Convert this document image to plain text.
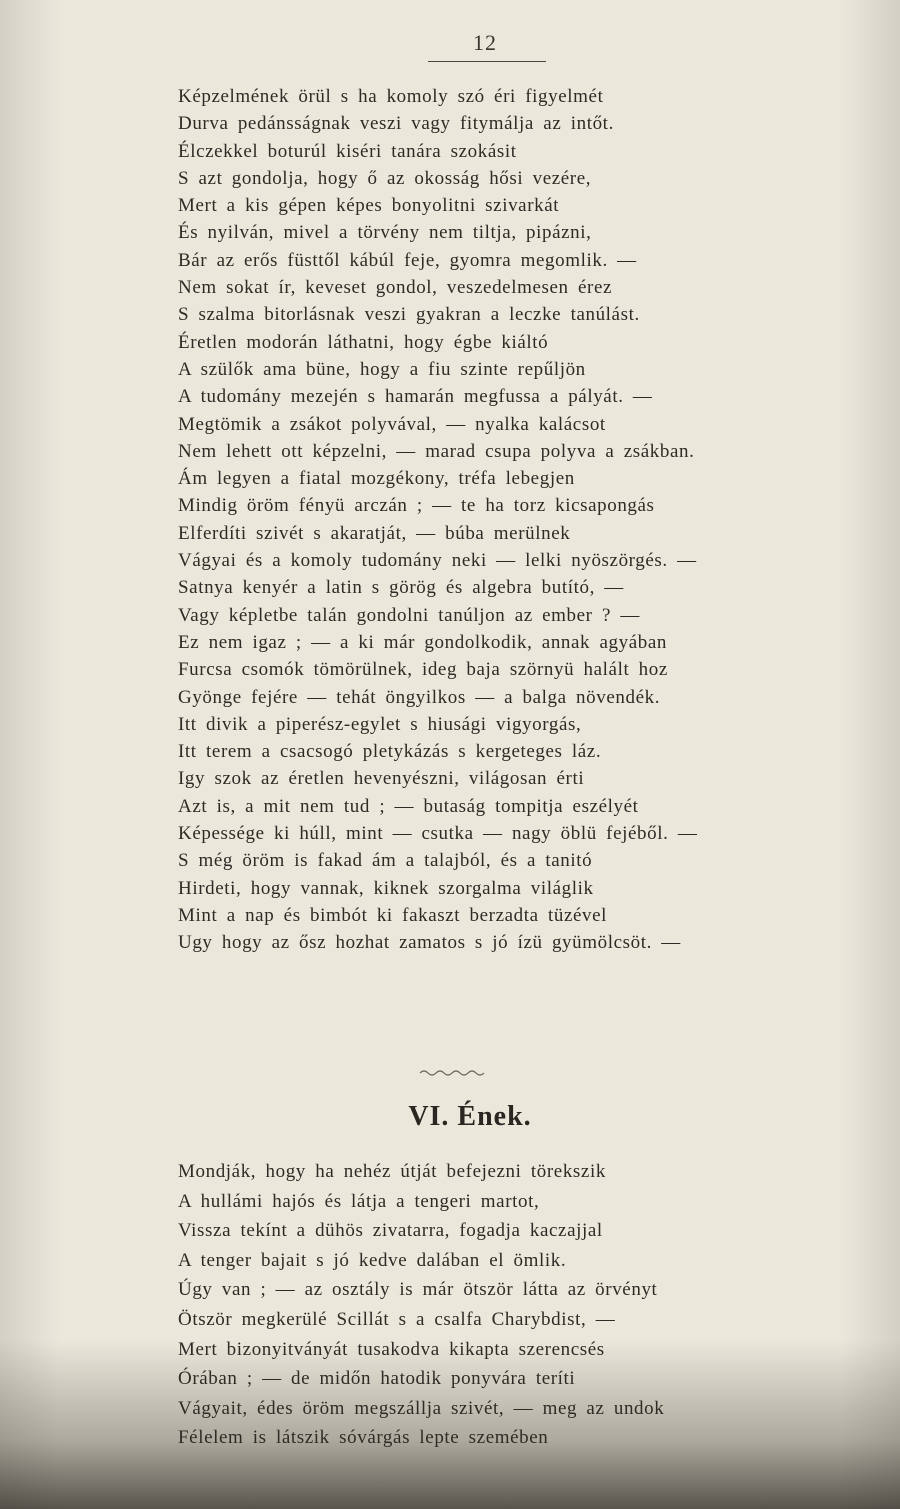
12
Képzelmének örül s ha komoly szó éri figyelmét
Durva pedánsságnak veszi vagy fitymálja az intőt.
Élczekkel boturúl kiséri tanára szokásit
S azt gondolja, hogy ő az okosság hősi vezére,
Mert a kis gépen képes bonyolitni szivarkát
És nyilván, mivel a törvény nem tiltja, pipázni,
Bár az erős füsttől kábúl feje, gyomra megomlik. —
Nem sokat ír, keveset gondol, veszedelmesen érez
S szalma bitorlásnak veszi gyakran a leczke tanúlást.
Éretlen modorán láthatni, hogy égbe kiáltó
A szülők ama büne, hogy a fiu szinte repűljön
A tudomány mezején s hamarán megfussa a pályát. —
Megtömik a zsákot polyvával, — nyalka kalácsot
Nem lehett ott képzelni, — marad csupa polyva a zsákban.
Ám legyen a fiatal mozgékony, tréfa lebegjen
Mindig öröm fényü arczán ; — te ha torz kicsapongás
Elferdíti szivét s akaratját, — búba merülnek
Vágyai és a komoly tudomány neki — lelki nyöszörgés. —
Satnya kenyér a latin s görög és algebra butító, —
Vagy képletbe talán gondolni tanúljon az ember ? —
Ez nem igaz ; — a ki már gondolkodik, annak agyában
Furcsa csomók tömörülnek, ideg baja szörnyü halált hoz
Gyönge fejére — tehát öngyilkos — a balga növendék.
Itt divik a piperész-egylet s hiusági vigyorgás,
Itt terem a csacsogó pletykázás s kergeteges láz.
Igy szok az éretlen hevenyészni, világosan érti
Azt is, a mit nem tud ; — butaság tompitja eszélyét
Képessége ki húll, mint — csutka — nagy öblü fejéből. —
S még öröm is fakad ám a talajból, és a tanitó
Hirdeti, hogy vannak, kiknek szorgalma világlik
Mint a nap és bimbót ki fakaszt berzadta tüzével
Ugy hogy az ősz hozhat zamatos s jó ízü gyümölcsöt. —
VI. Ének.
Mondják, hogy ha nehéz útját befejezni törekszik
A hullámi hajós és látja a tengeri martot,
Vissza tekínt a dühös zivatarra, fogadja kaczajjal
A tenger bajait s jó kedve dalában el ömlik.
Úgy van ; — az osztály is már ötször látta az örvényt
Ötször megkerülé Scillát s a csalfa Charybdist, —
Mert bizonyitványát tusakodva kikapta szerencsés
Órában ; — de midőn hatodik ponyvára teríti
Vágyait, édes öröm megszállja szivét, — meg az undok
Félelem is látszik sóvárgás lepte szemében
